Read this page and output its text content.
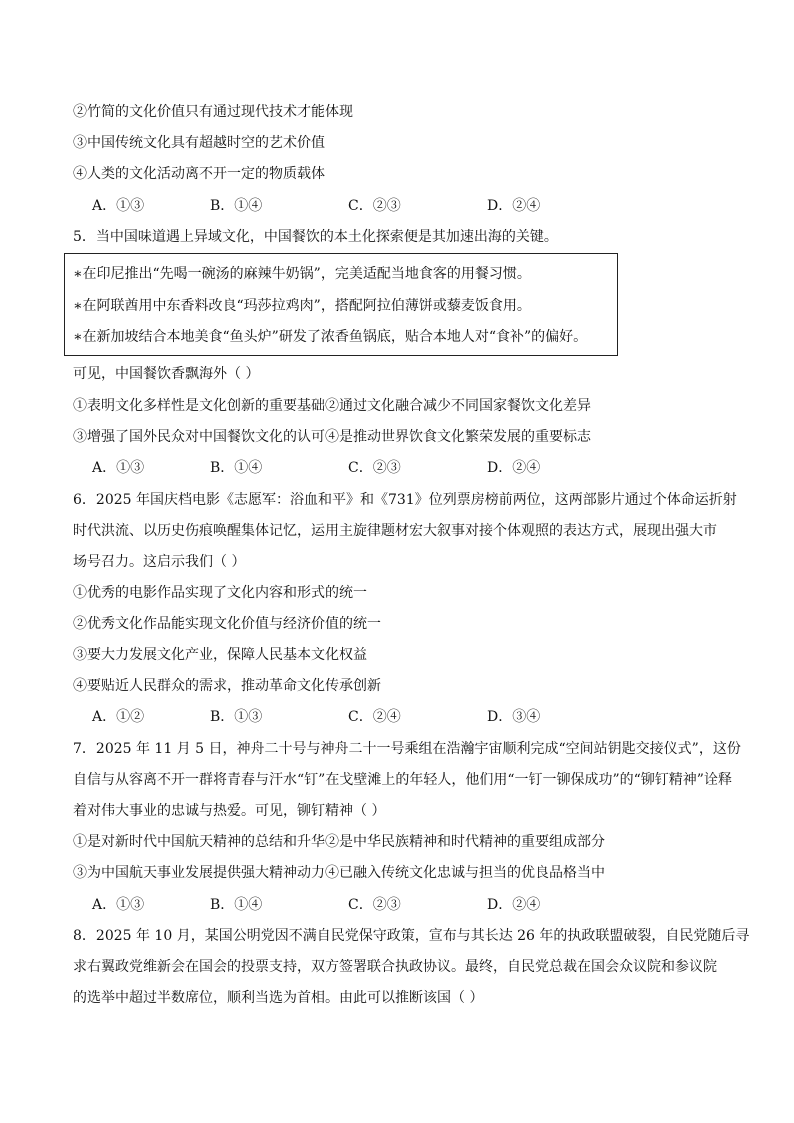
②竹简的文化价值只有通过现代技术才能体现
③中国传统文化具有超越时空的艺术价值
④人类的文化活动离不开一定的物质载体
A．①③	B．①④	C．②③	D．②④
5．当中国味道遇上异域文化，中国餐饮的本土化探索便是其加速出海的关键。
∗在印尼推出“先喝一碗汤的麻辣牛奶锅”，完美适配当地食客的用餐习惯。
∗在阿联酋用中东香料改良“玛莎拉鸡肉”，搭配阿拉伯薄饼或藜麦饭食用。
∗在新加坡结合本地美食“鱼头炉”研发了浓香鱼锅底，贴合本地人对“食补”的偏好。
可见，中国餐饮香飘海外（ ）
①表明文化多样性是文化创新的重要基础②通过文化融合减少不同国家餐饮文化差异
③增强了国外民众对中国餐饮文化的认可④是推动世界饮食文化繁荣发展的重要标志
A．①③	B．①④	C．②③	D．②④
6．2025 年国庆档电影《志愿军：浴血和平》和《731》位列票房榜前两位，这两部影片通过个体命运折射
时代洪流、以历史伤痕唤醒集体记忆，运用主旋律题材宏大叙事对接个体观照的表达方式，展现出强大市
场号召力。这启示我们（ ）
①优秀的电影作品实现了文化内容和形式的统一
②优秀文化作品能实现文化价值与经济价值的统一
③要大力发展文化产业，保障人民基本文化权益
④要贴近人民群众的需求，推动革命文化传承创新
A．①②	B．①③	C．②④	D．③④
7．2025 年 11 月 5 日，神舟二十号与神舟二十一号乘组在浩瀚宇宙顺利完成“空间站钥匙交接仪式”，这份
自信与从容离不开一群将青春与汗水“钉”在戈壁滩上的年轻人，他们用“一钉一铆保成功”的“铆钉精神”诠释
着对伟大事业的忠诚与热爱。可见，铆钉精神（ ）
①是对新时代中国航天精神的总结和升华②是中华民族精神和时代精神的重要组成部分
③为中国航天事业发展提供强大精神动力④已融入传统文化忠诚与担当的优良品格当中
A．①③	B．①④	C．②③	D．②④
8．2025 年 10 月，某国公明党因不满自民党保守政策，宣布与其长达 26 年的执政联盟破裂，自民党随后寻
求右翼政党维新会在国会的投票支持，双方签署联合执政协议。最终，自民党总裁在国会众议院和参议院
的选举中超过半数席位，顺利当选为首相。由此可以推断该国（ ）
